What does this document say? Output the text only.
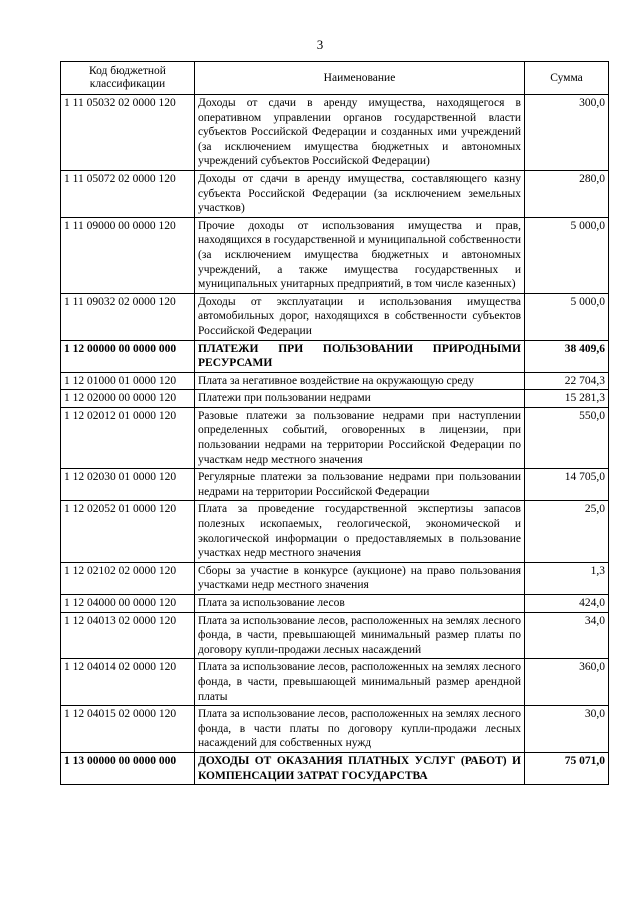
3
Код бюджетной классификации	Наименование	Сумма
1 11 05032 02 0000 120	Доходы от сдачи в аренду имущества, находящегося в оперативном управлении органов государственной власти субъектов Российской Федерации и созданных ими учреждений (за исключением имущества бюджетных и автономных учреждений субъектов Российской Федерации)	300,0
1 11 05072 02 0000 120	Доходы от сдачи в аренду имущества, составляющего казну субъекта Российской Федерации (за исключением земельных участков)	280,0
1 11 09000 00 0000 120	Прочие доходы от использования имущества и прав, находящихся в государственной и муниципальной собственности (за исключением имущества бюджетных и автономных учреждений, а также имущества государственных и муниципальных унитарных предприятий, в том числе казенных)	5 000,0
1 11 09032 02 0000 120	Доходы от эксплуатации и использования имущества автомобильных дорог, находящихся в собственности субъектов Российской Федерации	5 000,0
1 12 00000 00 0000 000	ПЛАТЕЖИ ПРИ ПОЛЬЗОВАНИИ ПРИРОДНЫМИ РЕСУРСАМИ	38 409,6
1 12 01000 01 0000 120	Плата за негативное воздействие на окружающую среду	22 704,3
1 12 02000 00 0000 120	Платежи при пользовании недрами	15 281,3
1 12 02012 01 0000 120	Разовые платежи за пользование недрами при наступлении определенных событий, оговоренных в лицензии, при пользовании недрами на территории Российской Федерации по участкам недр местного значения	550,0
1 12 02030 01 0000 120	Регулярные платежи за пользование недрами при пользовании недрами на территории Российской Федерации	14 705,0
1 12 02052 01 0000 120	Плата за проведение государственной экспертизы запасов полезных ископаемых, геологической, экономической и экологической информации о предоставляемых в пользование участках недр местного значения	25,0
1 12 02102 02 0000 120	Сборы за участие в конкурсе (аукционе) на право пользования участками недр местного значения	1,3
1 12 04000 00 0000 120	Плата за использование лесов	424,0
1 12 04013 02 0000 120	Плата за использование лесов, расположенных на землях лесного фонда, в части, превышающей минимальный размер платы по договору купли-продажи лесных насаждений	34,0
1 12 04014 02 0000 120	Плата за использование лесов, расположенных на землях лесного фонда, в части, превышающей минимальный размер арендной платы	360,0
1 12 04015 02 0000 120	Плата за использование лесов, расположенных на землях лесного фонда, в части платы по договору купли-продажи лесных насаждений для собственных нужд	30,0
1 13 00000 00 0000 000	ДОХОДЫ ОТ ОКАЗАНИЯ ПЛАТНЫХ УСЛУГ (РАБОТ) И КОМПЕНСАЦИИ ЗАТРАТ ГОСУДАРСТВА	75 071,0
